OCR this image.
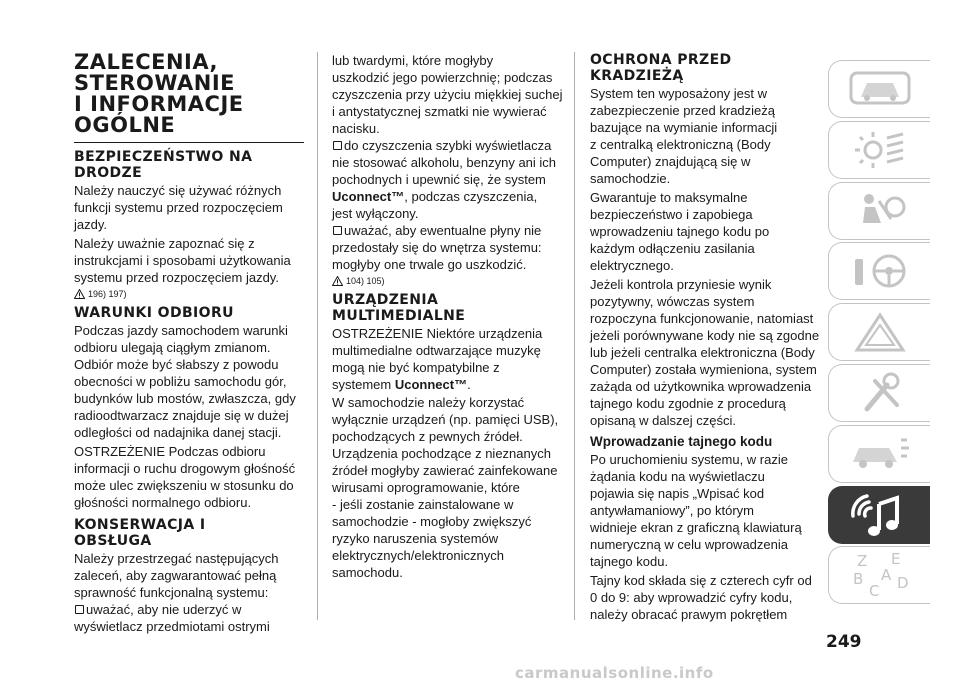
ZALECENIA,

STEROWANIE

I INFORMACJE

OGÓLNE

BEZPIECZEŃSTWO NA

DRODZE

Należy nauczyć się używać różnych

funkcji systemu przed rozpoczęciem

jazdy.

Należy uważnie zapoznać się z

instrukcjami i sposobami użytkowania

systemu przed rozpoczęciem jazdy.

196) 197)

WARUNKI ODBIORU

Podczas jazdy samochodem warunki

odbioru ulegają ciągłym zmianom.

Odbiór może być słabszy z powodu

obecności w pobliżu samochodu gór,

budynków lub mostów, zwłaszcza, gdy

radioodtwarzacz znajduje się w dużej

odległości od nadajnika danej stacji.

OSTRZEŻENIE Podczas odbioru

informacji o ruchu drogowym głośność

może ulec zwiększeniu w stosunku do

głośności normalnego odbioru.

KONSERWACJA I

OBSŁUGA

Należy przestrzegać następujących

zaleceń, aby zagwarantować pełną

sprawność funkcjonalną systemu:

uważać, aby nie uderzyć w

wyświetlacz przedmiotami ostrymi

lub twardymi, które mogłyby

uszkodzić jego powierzchnię; podczas

czyszczenia przy użyciu miękkiej suchej

i antystatycznej szmatki nie wywierać

nacisku.

do czyszczenia szybki wyświetlacza

nie stosować alkoholu, benzyny ani ich

pochodnych i upewnić się, że system

Uconnect™, podczas czyszczenia,

jest wyłączony.

uważać, aby ewentualne płyny nie

przedostały się do wnętrza systemu:

mogłyby one trwale go uszkodzić.

104) 105)

URZĄDZENIA

MULTIMEDIALNE

OSTRZEŻENIE Niektóre urządzenia

multimedialne odtwarzające muzykę

mogą nie być kompatybilne z

systemem Uconnect™.

W samochodzie należy korzystać

wyłącznie urządzeń (np. pamięci USB),

pochodzących z pewnych źródeł.

Urządzenia pochodzące z nieznanych

źródeł mogłyby zawierać zainfekowane

wirusami oprogramowanie, które

- jeśli zostanie zainstalowane w

samochodzie - mogłoby zwiększyć

ryzyko naruszenia systemów

elektrycznych/elektronicznych

samochodu.

OCHRONA PRZED

KRADZIEŻĄ

System ten wyposażony jest w

zabezpieczenie przed kradzieżą

bazujące na wymianie informacji

z centralką elektroniczną (Body

Computer) znajdującą się w

samochodzie.

Gwarantuje to maksymalne

bezpieczeństwo i zapobiega

wprowadzeniu tajnego kodu po

każdym odłączeniu zasilania

elektrycznego.

Jeżeli kontrola przyniesie wynik

pozytywny, wówczas system

rozpoczyna funkcjonowanie, natomiast

jeżeli porównywane kody nie są zgodne

lub jeżeli centralka elektroniczna (Body

Computer) została wymieniona, system

zażąda od użytkownika wprowadzenia

tajnego kodu zgodnie z procedurą

opisaną w dalszej części.

Wprowadzanie tajnego kodu

Po uruchomieniu systemu, w razie

żądania kodu na wyświetlaczu

pojawia się napis „Wpisać kod

antywłamaniowy”, po którym

widnieje ekran z graficzną klawiaturą

numeryczną w celu wprowadzenia

tajnego kodu.

Tajny kod składa się z czterech cyfr od

0 do 9: aby wprowadzić cyfry kodu,

należy obracać prawym pokrętłem

Z E
B
C D
A
249
carmanualsonline.info
